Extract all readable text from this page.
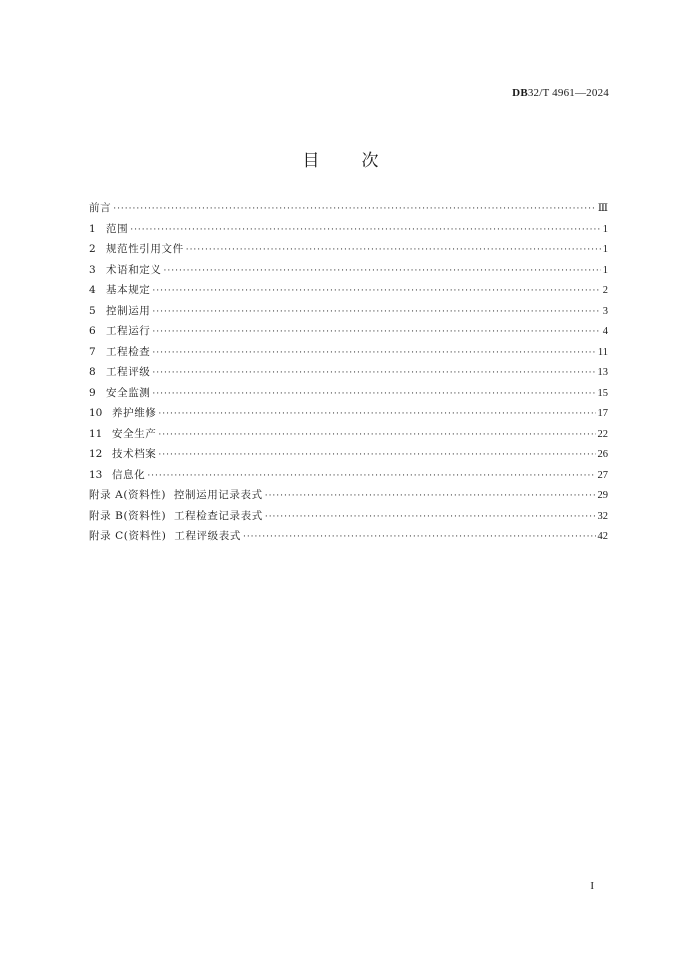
DB32/T 4961—2024
目 次
前言 ·····	Ⅲ
1 范围 ·····	1
2 规范性引用文件 ·····	1
3 术语和定义 ·····	1
4 基本规定 ·····	2
5 控制运用 ·····	3
6 工程运行 ·····	4
7 工程检查 ·····	11
8 工程评级 ·····	13
9 安全监测 ·····	15
10 养护维修 ·····	17
11 安全生产 ·····	22
12 技术档案 ·····	26
13 信息化 ·····	27
附录 A(资料性)  控制运用记录表式 ·····	29
附录 B(资料性)  工程检查记录表式 ·····	32
附录 C(资料性)  工程评级表式 ·····	42
I
